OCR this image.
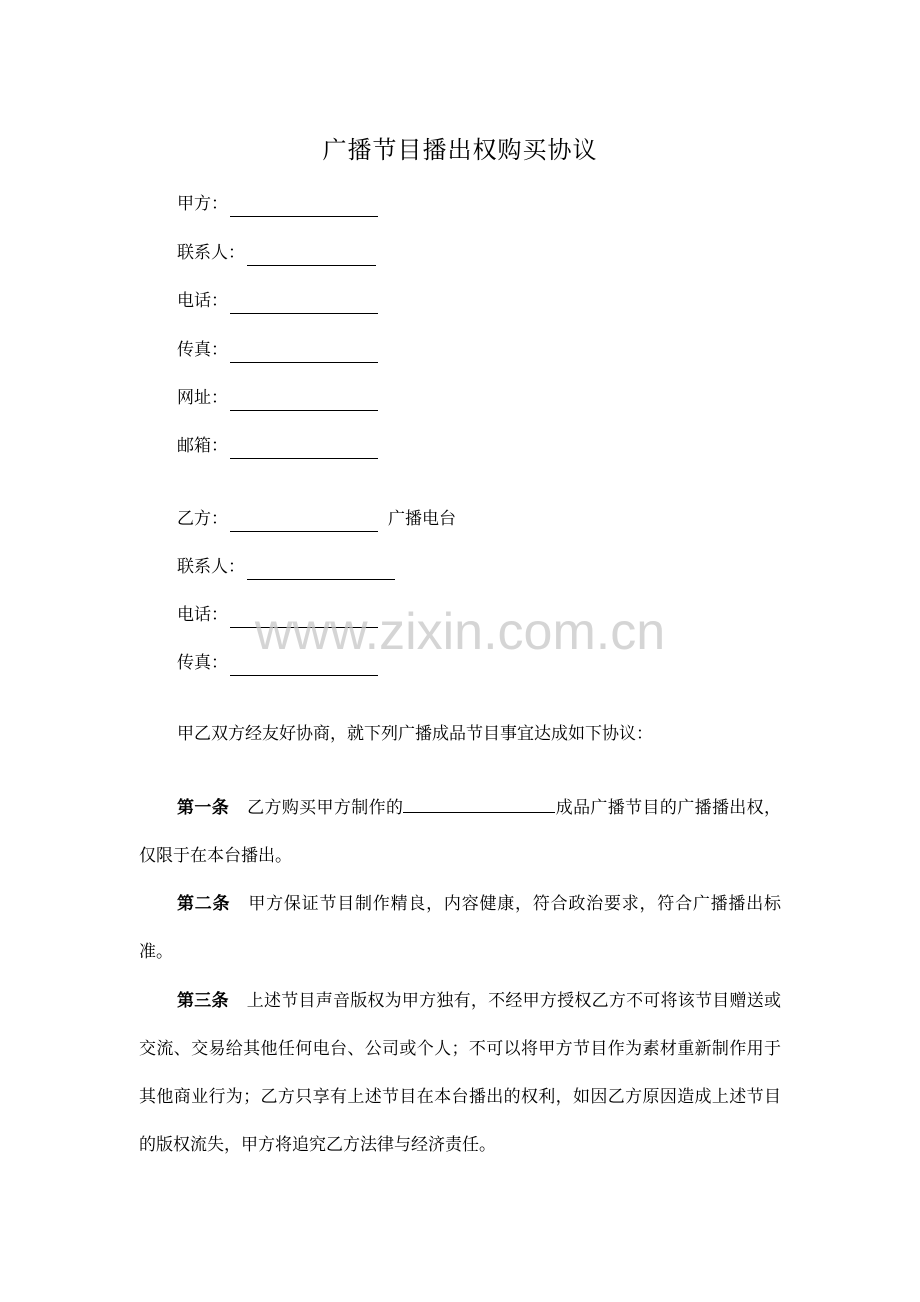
广播节目播出权购买协议
甲方：
联系人：
电话：
传真：
网址：
邮箱：
乙方：	广播电台
联系人：
电话：
传真：
甲乙双方经友好协商，就下列广播成品节目事宜达成如下协议：
第一条 乙方购买甲方制作的	成品广播节目的广播播出权，仅限于在本台播出。
第二条 甲方保证节目制作精良，内容健康，符合政治要求，符合广播播出标准。
第三条 上述节目声音版权为甲方独有，不经甲方授权乙方不可将该节目赠送或交流、交易给其他任何电台、公司或个人；不可以将甲方节目作为素材重新制作用于其他商业行为；乙方只享有上述节目在本台播出的权利，如因乙方原因造成上述节目的版权流失，甲方将追究乙方法律与经济责任。
www.zixin.com.cn
